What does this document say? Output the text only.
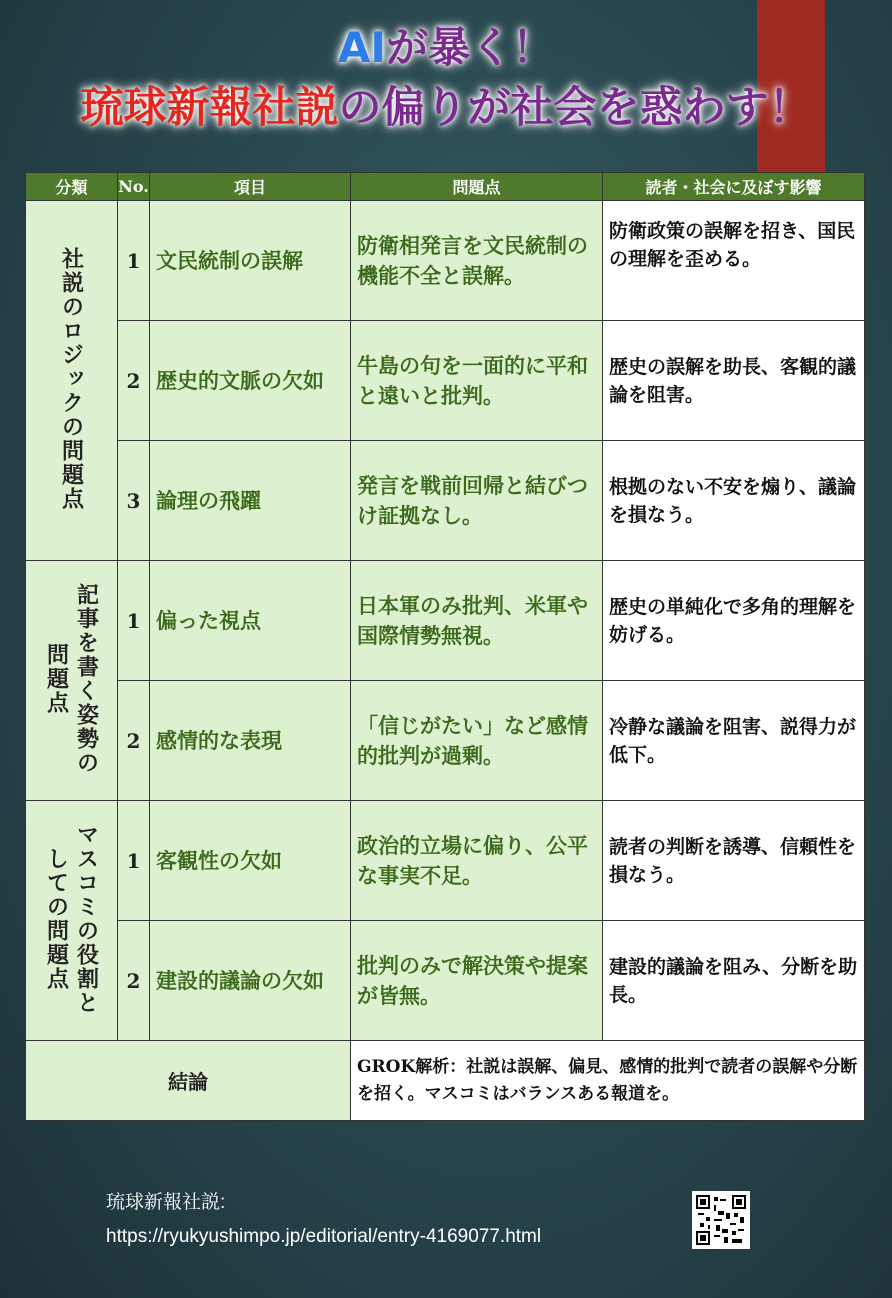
AIが暴く！
琉球新報社説の偏りが社会を惑わす！
分類	No.	項目	問題点	読者・社会に及ぼす影響
社説のロジックの問題点	1	文民統制の誤解	防衛相発言を文民統制の機能不全と誤解。	防衛政策の誤解を招き、国民の理解を歪める。
	2	歴史的文脈の欠如	牛島の句を一面的に平和と遠いと批判。	歴史の誤解を助長、客観的議論を阻害。
	3	論理の飛躍	発言を戦前回帰と結びつけ証拠なし。	根拠のない不安を煽り、議論を損なう。
記事を書く姿勢の問題点	1	偏った視点	日本軍のみ批判、米軍や国際情勢無視。	歴史の単純化で多角的理解を妨げる。
	2	感情的な表現	「信じがたい」など感情的批判が過剰。	冷静な議論を阻害、説得力が低下。
マスコミの役割としての問題点	1	客観性の欠如	政治的立場に偏り、公平な事実不足。	読者の判断を誘導、信頼性を損なう。
	2	建設的議論の欠如	批判のみで解決策や提案が皆無。	建設的議論を阻み、分断を助長。
結論			GROK解析：社説は誤解、偏見、感情的批判で読者の誤解や分断を招く。マスコミはバランスある報道を。	
琉球新報社説:
https://ryukyushimpo.jp/editorial/entry-4169077.html
